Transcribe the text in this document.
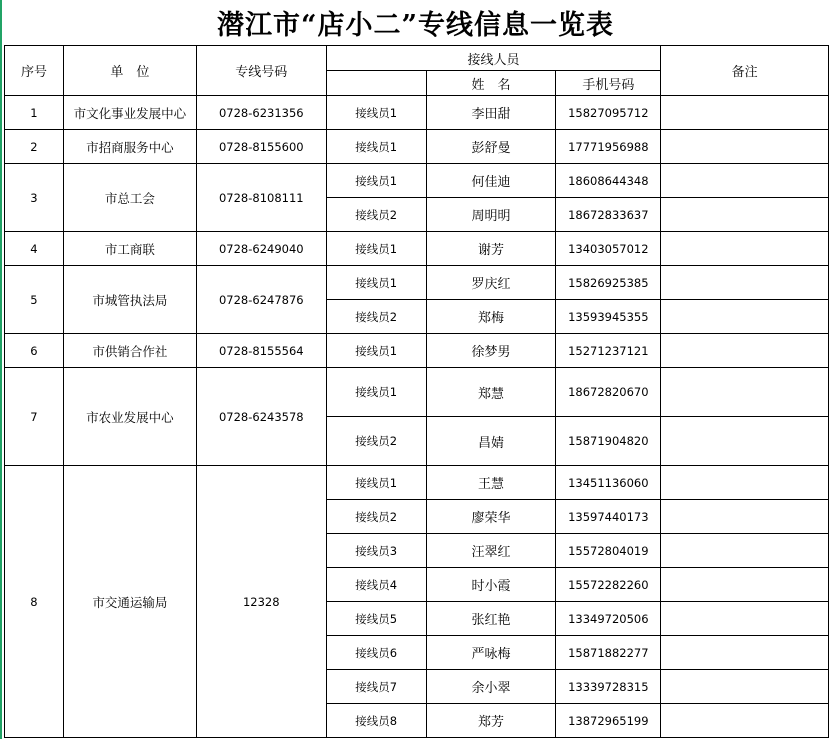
潜江市“店小二”专线信息一览表
序号	单　位	专线号码	接线人员			备注
				姓　名	手机号码	
1	市文化事业发展中心	0728-6231356	接线员1	李田甜	15827095712	
2	市招商服务中心	0728-8155600	接线员1	彭舒曼	17771956988	
3	市总工会	0728-8108111	接线员1	何佳迪	18608644348	
			接线员2	周明明	18672833637	
4	市工商联	0728-6249040	接线员1	谢芳	13403057012	
5	市城管执法局	0728-6247876	接线员1	罗庆红	15826925385	
			接线员2	郑梅	13593945355	
6	市供销合作社	0728-8155564	接线员1	徐梦男	15271237121	
7	市农业发展中心	0728-6243578	接线员1	郑慧	18672820670	
			接线员2	昌婧	15871904820	
8	市交通运输局	12328	接线员1	王慧	13451136060	
			接线员2	廖荣华	13597440173	
			接线员3	汪翠红	15572804019	
			接线员4	时小霞	15572282260	
			接线员5	张红艳	13349720506	
			接线员6	严咏梅	15871882277	
			接线员7	余小翠	13339728315	
			接线员8	郑芳	13872965199	
